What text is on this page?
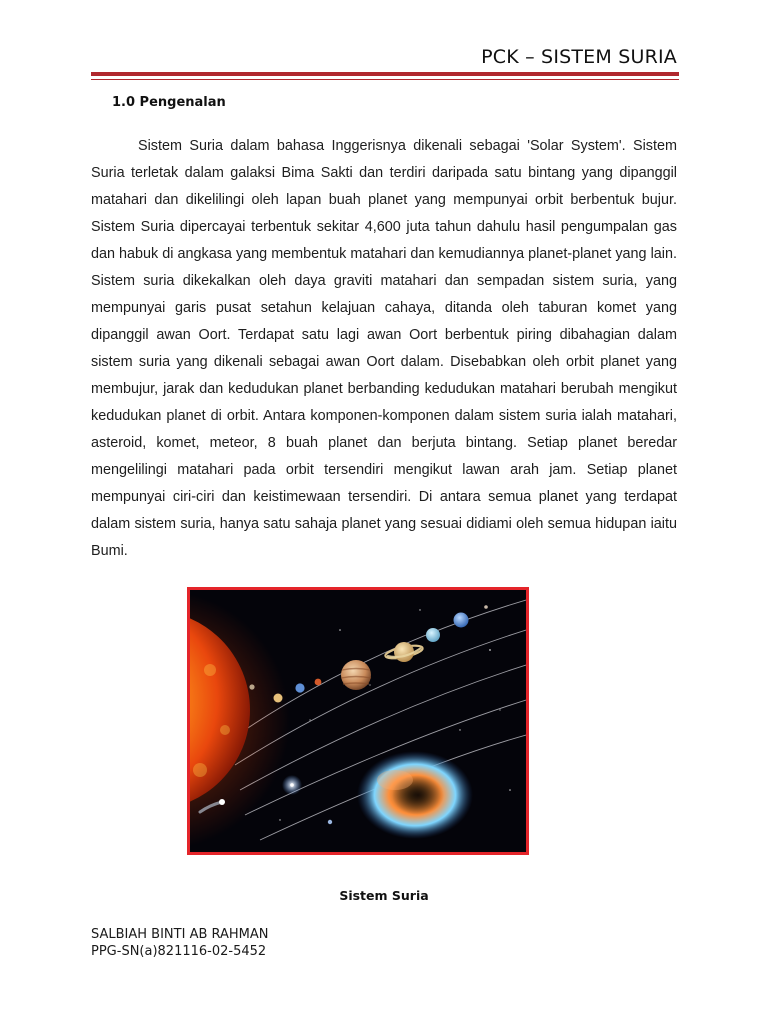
PCK – SISTEM SURIA
1.0 Pengenalan

Sistem Suria dalam bahasa Inggerisnya dikenali sebagai 'Solar System'. Sistem Suria terletak dalam galaksi Bima Sakti dan terdiri daripada satu bintang yang dipanggil matahari dan dikelilingi oleh lapan buah planet yang mempunyai orbit berbentuk bujur. Sistem Suria dipercayai terbentuk sekitar 4,600 juta tahun dahulu hasil pengumpalan gas dan habuk di angkasa yang membentuk matahari dan kemudiannya planet-planet yang lain. Sistem suria dikekalkan oleh daya graviti matahari dan sempadan sistem suria, yang mempunyai garis pusat setahun kelajuan cahaya, ditanda oleh taburan komet yang dipanggil awan Oort. Terdapat satu lagi awan Oort berbentuk piring dibahagian dalam sistem suria yang dikenali sebagai awan Oort dalam. Disebabkan oleh orbit planet yang membujur, jarak dan kedudukan planet berbanding kedudukan matahari berubah mengikut kedudukan planet di orbit. Antara komponen-komponen dalam sistem suria ialah matahari, asteroid, komet, meteor, 8 buah planet dan berjuta bintang. Setiap planet beredar mengelilingi matahari pada orbit tersendiri mengikut lawan arah jam. Setiap planet mempunyai ciri-ciri dan keistimewaan tersendiri. Di antara semua planet yang terdapat dalam sistem suria, hanya satu sahaja planet yang sesuai didiami oleh semua hidupan iaitu Bumi.

Sistem Suria
SALBIAH BINTI AB RAHMAN
PPG-SN(a)821116-02-5452
